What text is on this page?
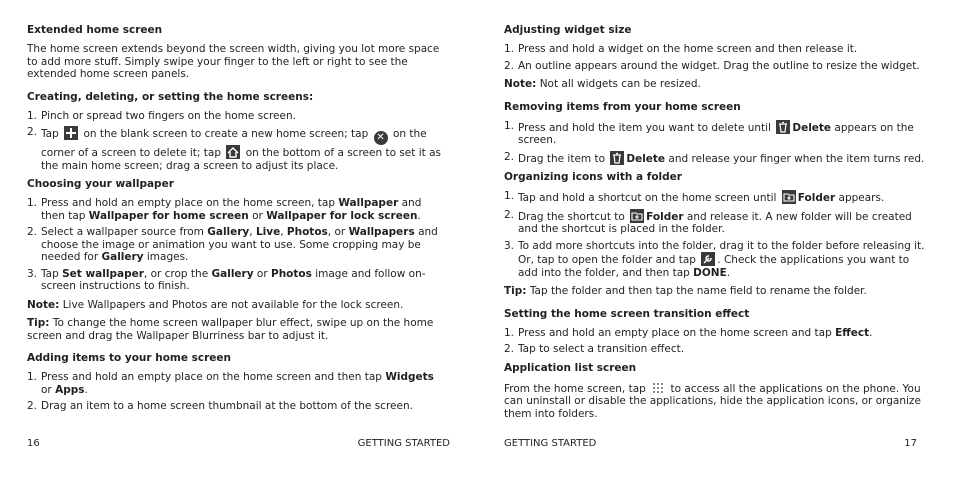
Extended home screen

The home screen extends beyond the screen width, giving you lot more space to add more stuff. Simply swipe your finger to the left or right to see the extended home screen panels.

Creating, deleting, or setting the home screens:

1. Pinch or spread two fingers on the home screen.
2. Tap on the blank screen to create a new home screen; tap ✕ on the corner of a screen to delete it; tap on the bottom of a screen to set it as the main home screen; drag a screen to adjust its place.

Choosing your wallpaper

1. Press and hold an empty place on the home screen, tap Wallpaper and then tap Wallpaper for home screen or Wallpaper for lock screen.
2. Select a wallpaper source from Gallery, Live, Photos, or Wallpapers and choose the image or animation you want to use. Some cropping may be needed for Gallery images.
3. Tap Set wallpaper, or crop the Gallery or Photos image and follow on-screen instructions to finish.

Note: Live Wallpapers and Photos are not available for the lock screen.

Tip: To change the home screen wallpaper blur effect, swipe up on the home screen and drag the Wallpaper Blurriness bar to adjust it.

Adding items to your home screen

1. Press and hold an empty place on the home screen and then tap Widgets or Apps.
2. Drag an item to a home screen thumbnail at the bottom of the screen.
16	GETTING STARTED

Adjusting widget size

1. Press and hold a widget on the home screen and then release it.
2. An outline appears around the widget. Drag the outline to resize the widget.

Note: Not all widgets can be resized.

Removing items from your home screen

1. Press and hold the item you want to delete until Delete appears on the screen.
2. Drag the item to Delete and release your finger when the item turns red.

Organizing icons with a folder

1. Tap and hold a shortcut on the home screen until Folder appears.
2. Drag the shortcut to Folder and release it. A new folder will be created and the shortcut is placed in the folder.
3. To add more shortcuts into the folder, drag it to the folder before releasing it. Or, tap to open the folder and tap . Check the applications you want to add into the folder, and then tap DONE.

Tip: Tap the folder and then tap the name field to rename the folder.

Setting the home screen transition effect

1. Press and hold an empty place on the home screen and tap Effect.
2. Tap to select a transition effect.

Application list screen

From the home screen, tap to access all the applications on the phone. You can uninstall or disable the applications, hide the application icons, or organize them into folders.

GETTING STARTED	17
